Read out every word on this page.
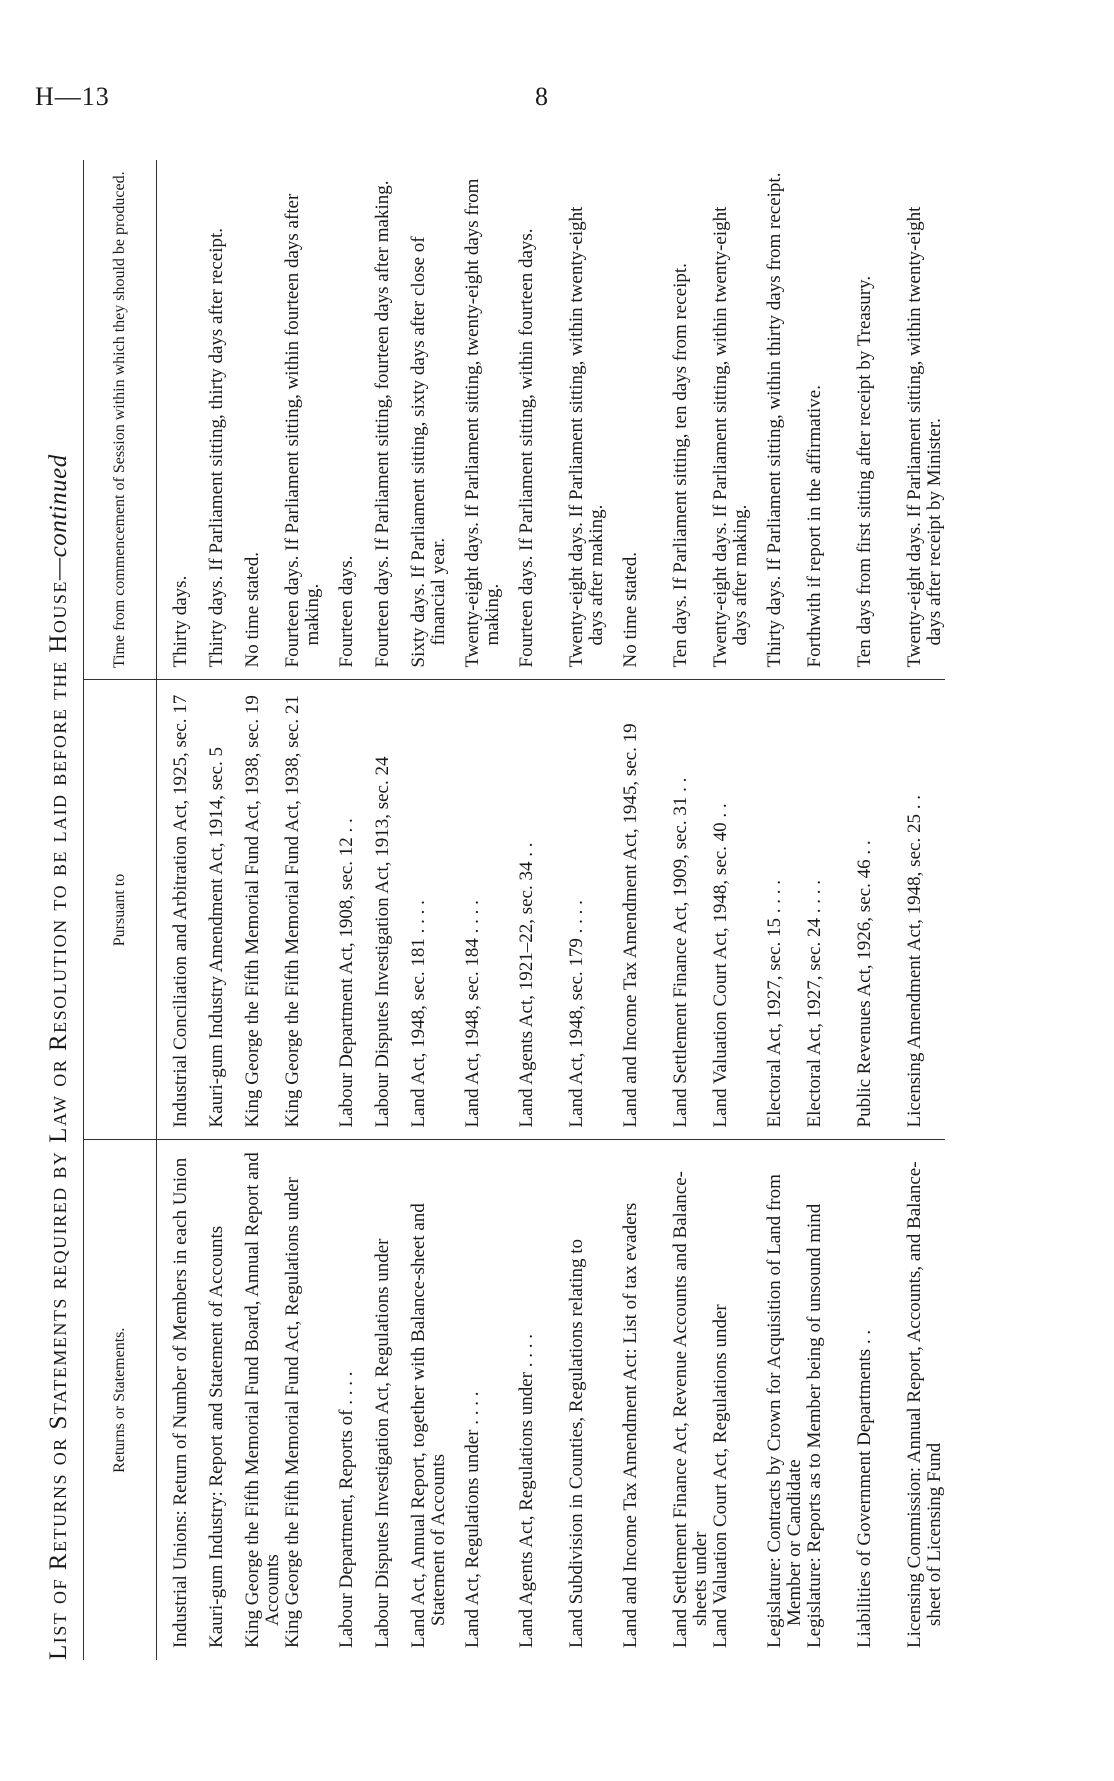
H—13	8
List of Returns or Statements required by Law or Resolution to be laid before the House—continued
Returns or Statements.	Pursuant to	Time from commencement of Session within which they should be produced.
Industrial Unions: Return of Number of Members in each Union	Industrial Conciliation and Arbitration Act, 1925, sec. 17	Thirty days.
Kauri-gum Industry: Report and Statement of Accounts	Kauri-gum Industry Amendment Act, 1914, sec. 5	Thirty days. If Parliament sitting, thirty days after receipt.
King George the Fifth Memorial Fund Board, Annual Report and Accounts	King George the Fifth Memorial Fund Act, 1938, sec. 19	No time stated.
King George the Fifth Memorial Fund Act, Regulations under	King George the Fifth Memorial Fund Act, 1938, sec. 21	Fourteen days. If Parliament sitting, within fourteen days after making.
Labour Department, Reports of . . . .	Labour Department Act, 1908, sec. 12 . .	Fourteen days.
Labour Disputes Investigation Act, Regulations under	Labour Disputes Investigation Act, 1913, sec. 24	Fourteen days. If Parliament sitting, fourteen days after making.
Land Act, Annual Report, together with Balance-sheet and Statement of Accounts	Land Act, 1948, sec. 181 . . . .	Sixty days. If Parliament sitting, sixty days after close of financial year.
Land Act, Regulations under . . . .	Land Act, 1948, sec. 184 . . . .	Twenty-eight days. If Parliament sitting, twenty-eight days from making.
Land Agents Act, Regulations under . . . .	Land Agents Act, 1921–22, sec. 34 . .	Fourteen days. If Parliament sitting, within fourteen days.
Land Subdivision in Counties, Regulations relating to	Land Act, 1948, sec. 179 . . . .	Twenty-eight days. If Parliament sitting, within twenty-eight days after making.
Land and Income Tax Amendment Act: List of tax evaders	Land and Income Tax Amendment Act, 1945, sec. 19	No time stated.
Land Settlement Finance Act, Revenue Accounts and Balance-sheets under	Land Settlement Finance Act, 1909, sec. 31 . .	Ten days. If Parliament sitting, ten days from receipt.
Land Valuation Court Act, Regulations under	Land Valuation Court Act, 1948, sec. 40 . .	Twenty-eight days. If Parliament sitting, within twenty-eight days after making.
Legislature: Contracts by Crown for Acquisition of Land from Member or Candidate	Electoral Act, 1927, sec. 15 . . . .	Thirty days. If Parliament sitting, within thirty days from receipt.
Legislature: Reports as to Member being of unsound mind	Electoral Act, 1927, sec. 24 . . . .	Forthwith if report in the affirmative.
Liabilities of Government Departments . .	Public Revenues Act, 1926, sec. 46 . .	Ten days from first sitting after receipt by Treasury.
Licensing Commission: Annual Report, Accounts, and Balance-sheet of Licensing Fund	Licensing Amendment Act, 1948, sec. 25 . .	Twenty-eight days. If Parliament sitting, within twenty-eight days after receipt by Minister.
